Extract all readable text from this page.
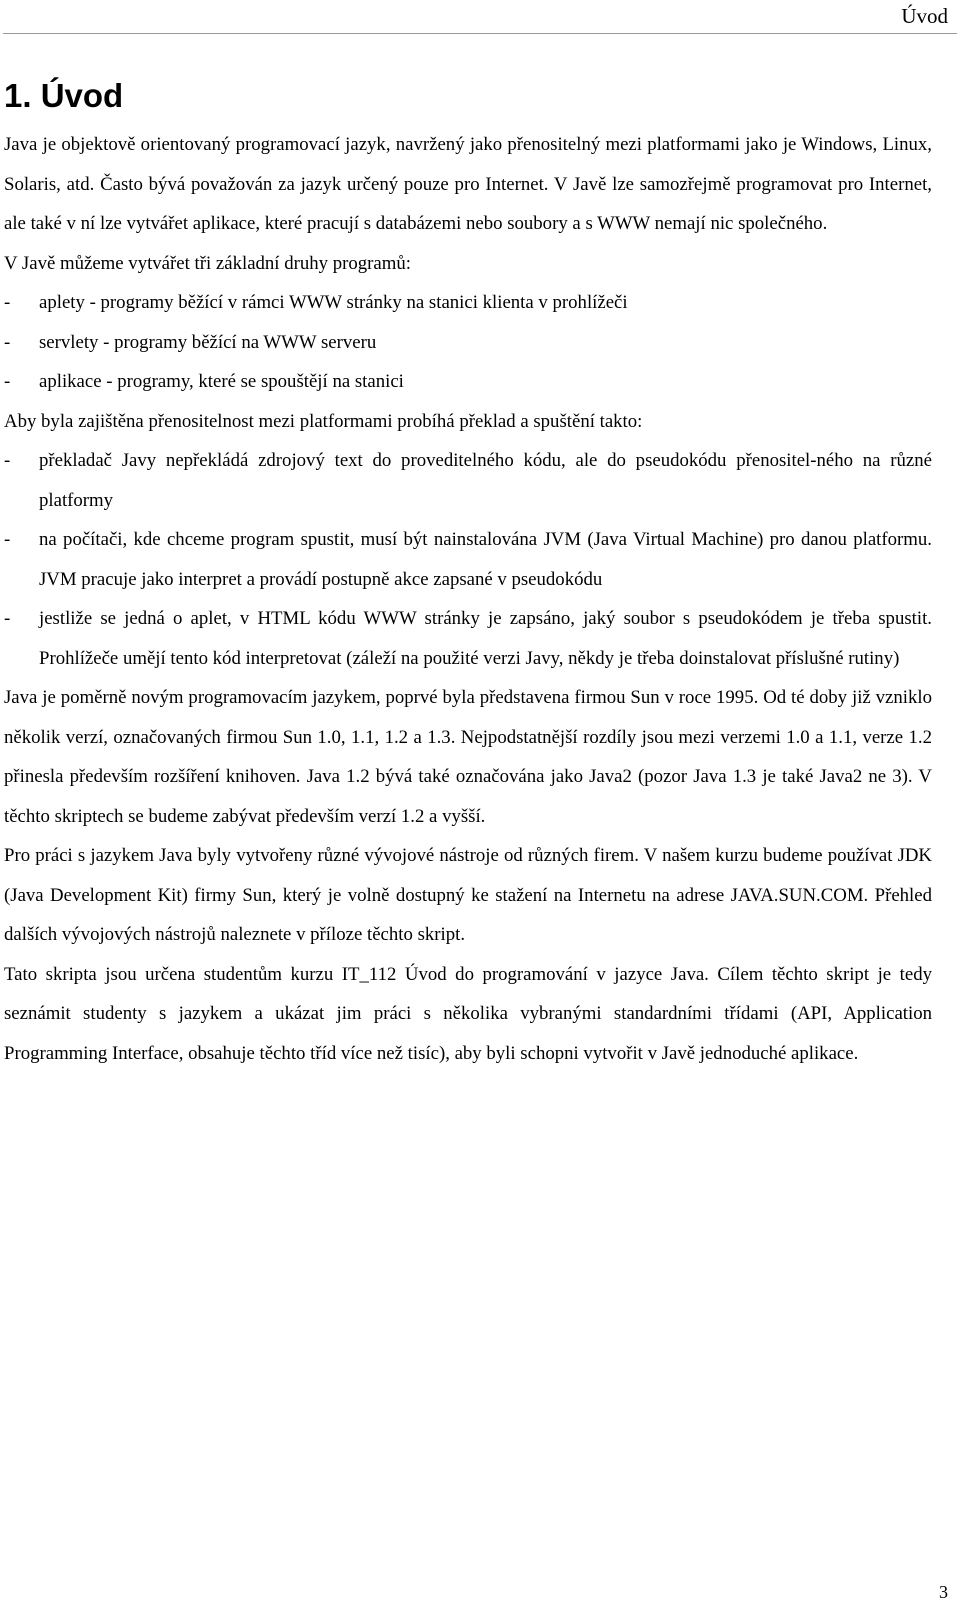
Úvod
1. Úvod

Java je objektově orientovaný programovací jazyk, navržený jako přenositelný mezi platformami jako je Windows, Linux, Solaris, atd. Často bývá považován za jazyk určený pouze pro Internet. V Javě lze samozřejmě programovat pro Internet, ale také v ní lze vytvářet aplikace, které pracují s databázemi nebo soubory a s WWW nemají nic společného.

V Javě můžeme vytvářet tři základní druhy programů:

-	aplety - programy běžící v rámci WWW stránky na stanici klienta v prohlížeči
-	servlety - programy běžící na WWW serveru
-	aplikace - programy, které se spouštějí na stanici

Aby byla zajištěna přenositelnost mezi platformami probíhá překlad a spuštění takto:

-	překladač Javy nepřekládá zdrojový text do proveditelného kódu, ale do pseudokódu přenositel-ného na různé platformy
-	na počítači, kde chceme program spustit, musí být nainstalována JVM (Java Virtual Machine) pro danou platformu. JVM pracuje jako interpret a provádí postupně akce zapsané v pseudokódu
-	jestliže se jedná o aplet, v HTML kódu WWW stránky je zapsáno, jaký soubor s pseudokódem je třeba spustit. Prohlížeče umějí tento kód interpretovat (záleží na použité verzi Javy, někdy je třeba doinstalovat příslušné rutiny)

Java je poměrně novým programovacím jazykem, poprvé byla představena firmou Sun v roce 1995. Od té doby již vzniklo několik verzí, označovaných firmou Sun 1.0, 1.1, 1.2 a 1.3. Nejpodstatnější rozdíly jsou mezi verzemi 1.0 a 1.1, verze 1.2 přinesla především rozšíření knihoven. Java 1.2 bývá také označována jako Java2 (pozor Java 1.3 je také Java2 ne 3). V těchto skriptech se budeme zabývat především verzí 1.2 a vyšší.

Pro práci s jazykem Java byly vytvořeny různé vývojové nástroje od různých firem. V našem kurzu budeme používat JDK (Java Development Kit) firmy Sun, který je volně dostupný ke stažení na Internetu na adrese JAVA.SUN.COM. Přehled dalších vývojových nástrojů naleznete v příloze těchto skript.

Tato skripta jsou určena studentům kurzu IT_112 Úvod do programování v jazyce Java. Cílem těchto skript je tedy seznámit studenty s jazykem a ukázat jim práci s několika vybranými standardními třídami (API, Application Programming Interface, obsahuje těchto tříd více než tisíc), aby byli schopni vytvořit v Javě jednoduché aplikace.

3
